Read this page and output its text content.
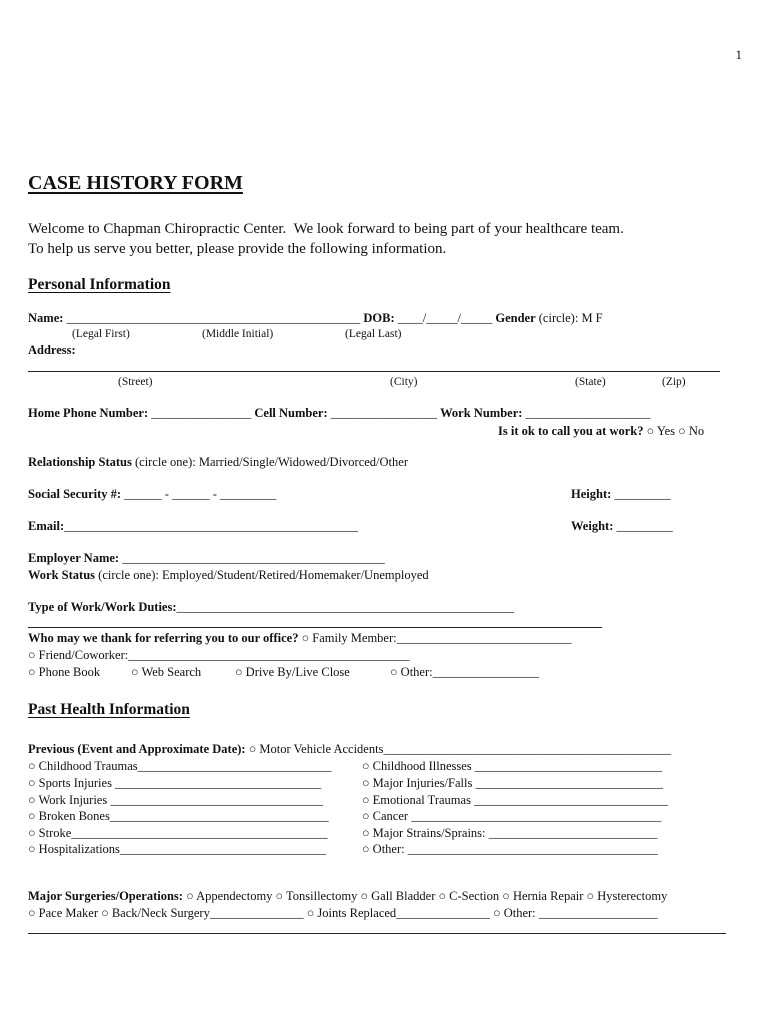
1
CASE HISTORY FORM
Welcome to Chapman Chiropractic Center.  We look forward to being part of your healthcare team.
To help us serve you better, please provide the following information.
Personal Information
Name: _______________________________________________ DOB: ____/_____/_____ Gender (circle): M F
(Legal First)	(Middle Initial)	(Legal Last)
Address:
(Street)	(City)	(State)	(Zip)
Home Phone Number: ________________ Cell Number: _________________ Work Number: ____________________
Is it ok to call you at work? ○ Yes ○ No
Relationship Status (circle one): Married/Single/Widowed/Divorced/Other
Social Security #: ______ - ______ - _________	Height: _________
Email:_______________________________________________	Weight: _________
Employer Name: __________________________________________
Work Status (circle one): Employed/Student/Retired/Homemaker/Unemployed
Type of Work/Work Duties:______________________________________________________
Who may we thank for referring you to our office? ○ Family Member:____________________________
○ Friend/Coworker:_____________________________________________
○ Phone Book ○ Web Search	○ Drive By/Live Close	○ Other:_________________
Past Health Information
Previous (Event and Approximate Date): ○ Motor Vehicle Accidents______________________________________________
○ Childhood Traumas_______________________________
○ Sports Injuries _________________________________
○ Work Injuries __________________________________
○ Broken Bones___________________________________
○ Stroke_________________________________________
○ Hospitalizations_________________________________
○ Childhood Illnesses ______________________________
○ Major Injuries/Falls ______________________________
○ Emotional Traumas _______________________________
○ Cancer ________________________________________
○ Major Strains/Sprains: ___________________________
○ Other: ________________________________________
Major Surgeries/Operations: ○ Appendectomy ○ Tonsillectomy ○ Gall Bladder ○ C-Section ○ Hernia Repair ○ Hysterectomy
○ Pace Maker ○ Back/Neck Surgery_______________ ○ Joints Replaced_______________ ○ Other: ___________________
